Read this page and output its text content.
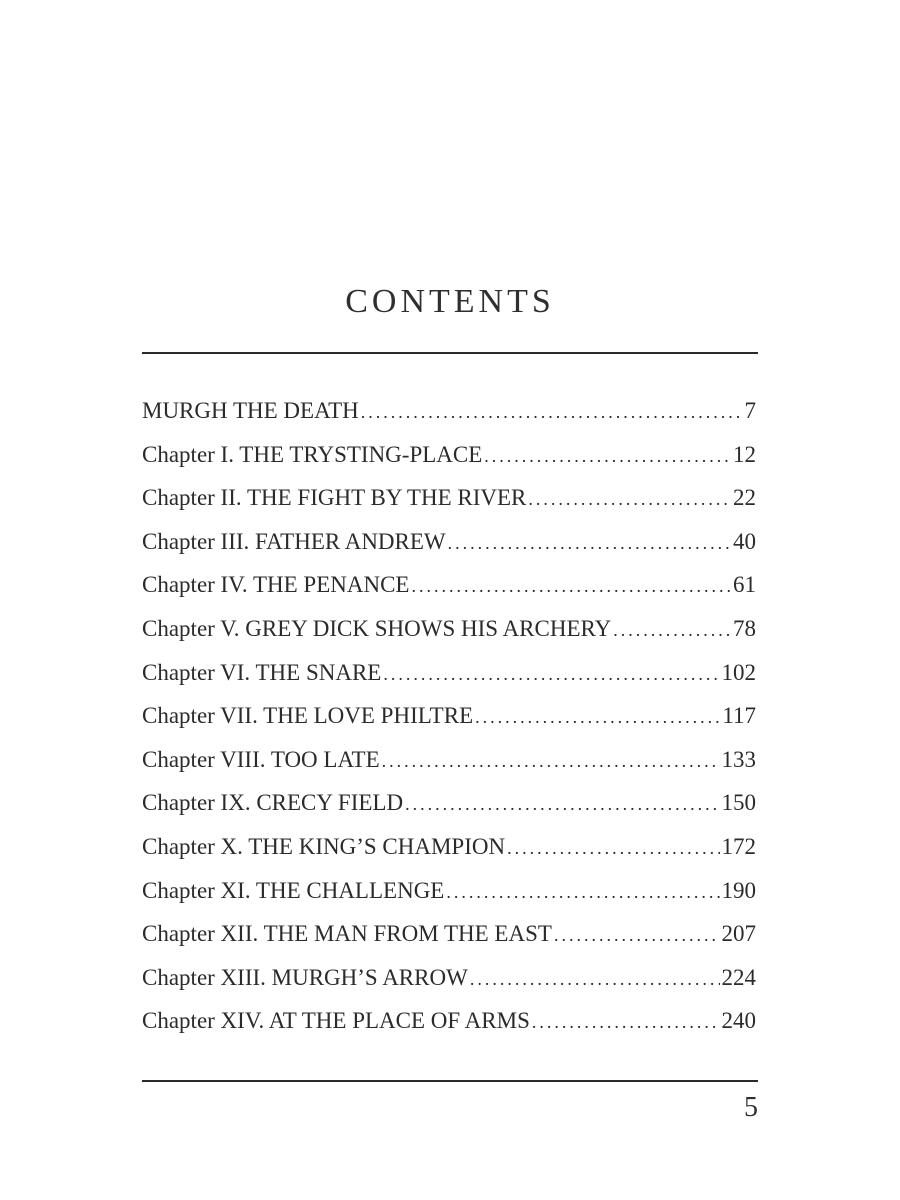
CONTENTS
MURGH THE DEATH .....	7
Chapter I. THE TRYSTING-PLACE .....	12
Chapter II. THE FIGHT BY THE RIVER .....	22
Chapter III. FATHER ANDREW .....	40
Chapter IV. THE PENANCE .....	61
Chapter V. GREY DICK SHOWS HIS ARCHERY .....	78
Chapter VI. THE SNARE .....	102
Chapter VII. THE LOVE PHILTRE .....	117
Chapter VIII. TOO LATE .....	133
Chapter IX. CRECY FIELD .....	150
Chapter X. THE KING’S CHAMPION .....	172
Chapter XI. THE CHALLENGE .....	190
Chapter XII. THE MAN FROM THE EAST .....	207
Chapter XIII. MURGH’S ARROW .....	224
Chapter XIV. AT THE PLACE OF ARMS .....	240
5
